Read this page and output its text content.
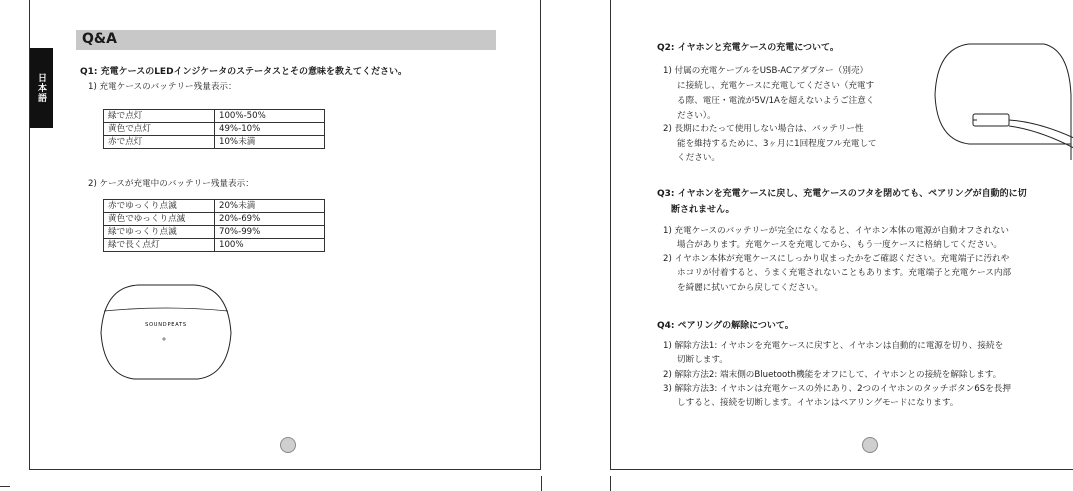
日本語
Q&A
Q1: 充電ケースのLEDインジケータのステータスとその意味を教えてください。
1) 充電ケースのバッテリー残量表示：
緑で点灯	100%-50%
黄色で点灯	49%-10%
赤で点灯	10%未満
2) ケースが充電中のバッテリー残量表示：
赤でゆっくり点滅	20%未満
黄色でゆっくり点滅	20%-69%
緑でゆっくり点滅	70%-99%
緑で長く点灯	100%
SOUNDPEATS
Q2: イヤホンと充電ケースの充電について。
1) 付属の充電ケーブルをUSB-ACアダプター（別売）
に接続し、充電ケースに充電してください（充電す
る際、電圧・電流が5V/1Aを超えないようご注意く
ださい）。
2) 長期にわたって使用しない場合は、バッテリー性
能を維持するために、3ヶ月に1回程度フル充電して
ください。
Q3: イヤホンを充電ケースに戻し、充電ケースのフタを閉めても、ペアリングが自動的に切
断されません。
1) 充電ケースのバッテリーが完全になくなると、イヤホン本体の電源が自動オフされない
場合があります。充電ケースを充電してから、もう一度ケースに格納してください。
2) イヤホン本体が充電ケースにしっかり収まったかをご確認ください。充電端子に汚れや
ホコリが付着すると、うまく充電されないこともあります。充電端子と充電ケース内部
を綺麗に拭いてから戻してください。
Q4: ペアリングの解除について。
1) 解除方法1: イヤホンを充電ケースに戻すと、イヤホンは自動的に電源を切り、接続を
切断します。
2) 解除方法2: 端末側のBluetooth機能をオフにして、イヤホンとの接続を解除します。
3) 解除方法3: イヤホンは充電ケースの外にあり、2つのイヤホンのタッチボタン6Sを長押
しすると、接続を切断します。イヤホンはペアリングモードになります。
